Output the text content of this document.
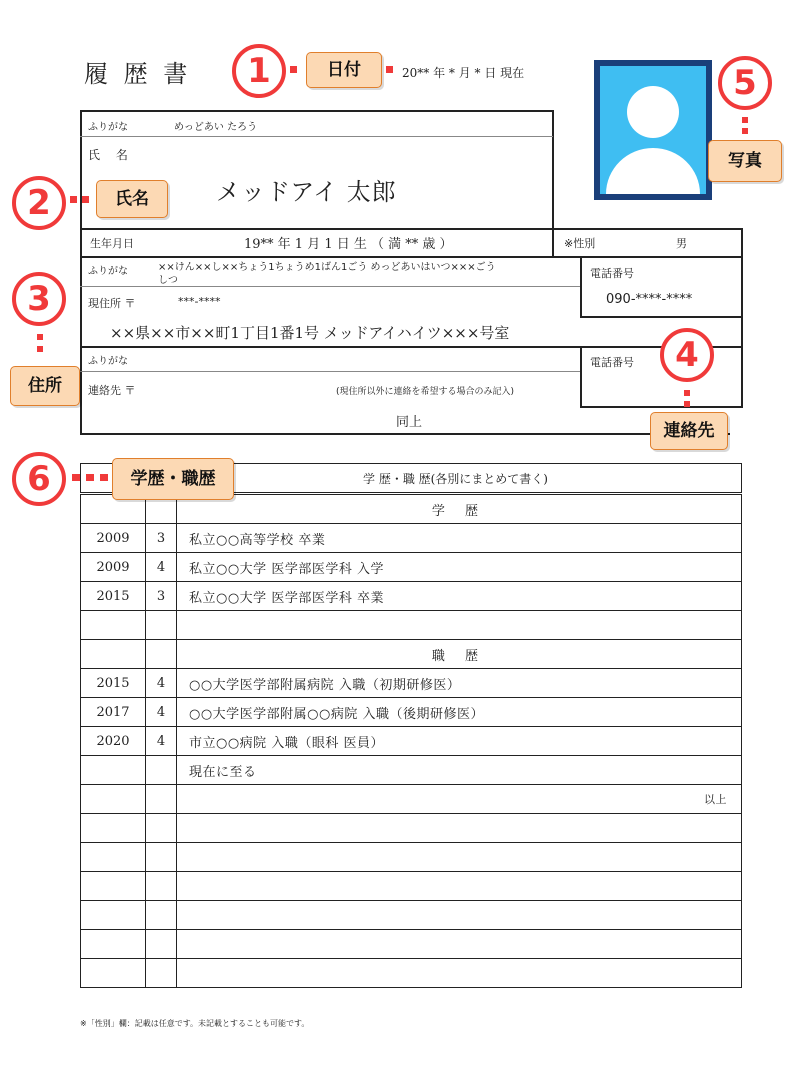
履 歴 書	20** 年 * 月 * 日 現在
ふりがな	めっどあい たろう
氏 名
メッドアイ 太郎
生年月日	19** 年 1 月 1 日 生 （ 満 ** 歳 ）	※性別	男
ふりがな	××けん××し××ちょう1ちょうめ1ばん1ごう めっどあいはいつ×××ごう
しつ
現住所 〒	***-****
××県××市××町1丁目1番1号 メッドアイハイツ×××号室
電話番号
090-****-****
ふりがな
連絡先 〒	(現住所以外に連絡を希望する場合のみ記入)
同上
電話番号
学 歴・職 歴(各別にまとめて書く)
		学 歴
2009	3	私立○○高等学校 卒業
2009	4	私立○○大学 医学部医学科 入学
2015	3	私立○○大学 医学部医学科 卒業

		職 歴
2015	4	○○大学医学部附属病院 入職（初期研修医）
2017	4	○○大学医学部附属○○病院 入職（後期研修医）
2020	4	市立○○病院 入職（眼科 医員）
		現在に至る
		以上

※「性別」欄：記載は任意です。未記載とすることも可能です。
1	日付
2	氏名
3
住所
4
連絡先
5
写真
6	学歴・職歴
